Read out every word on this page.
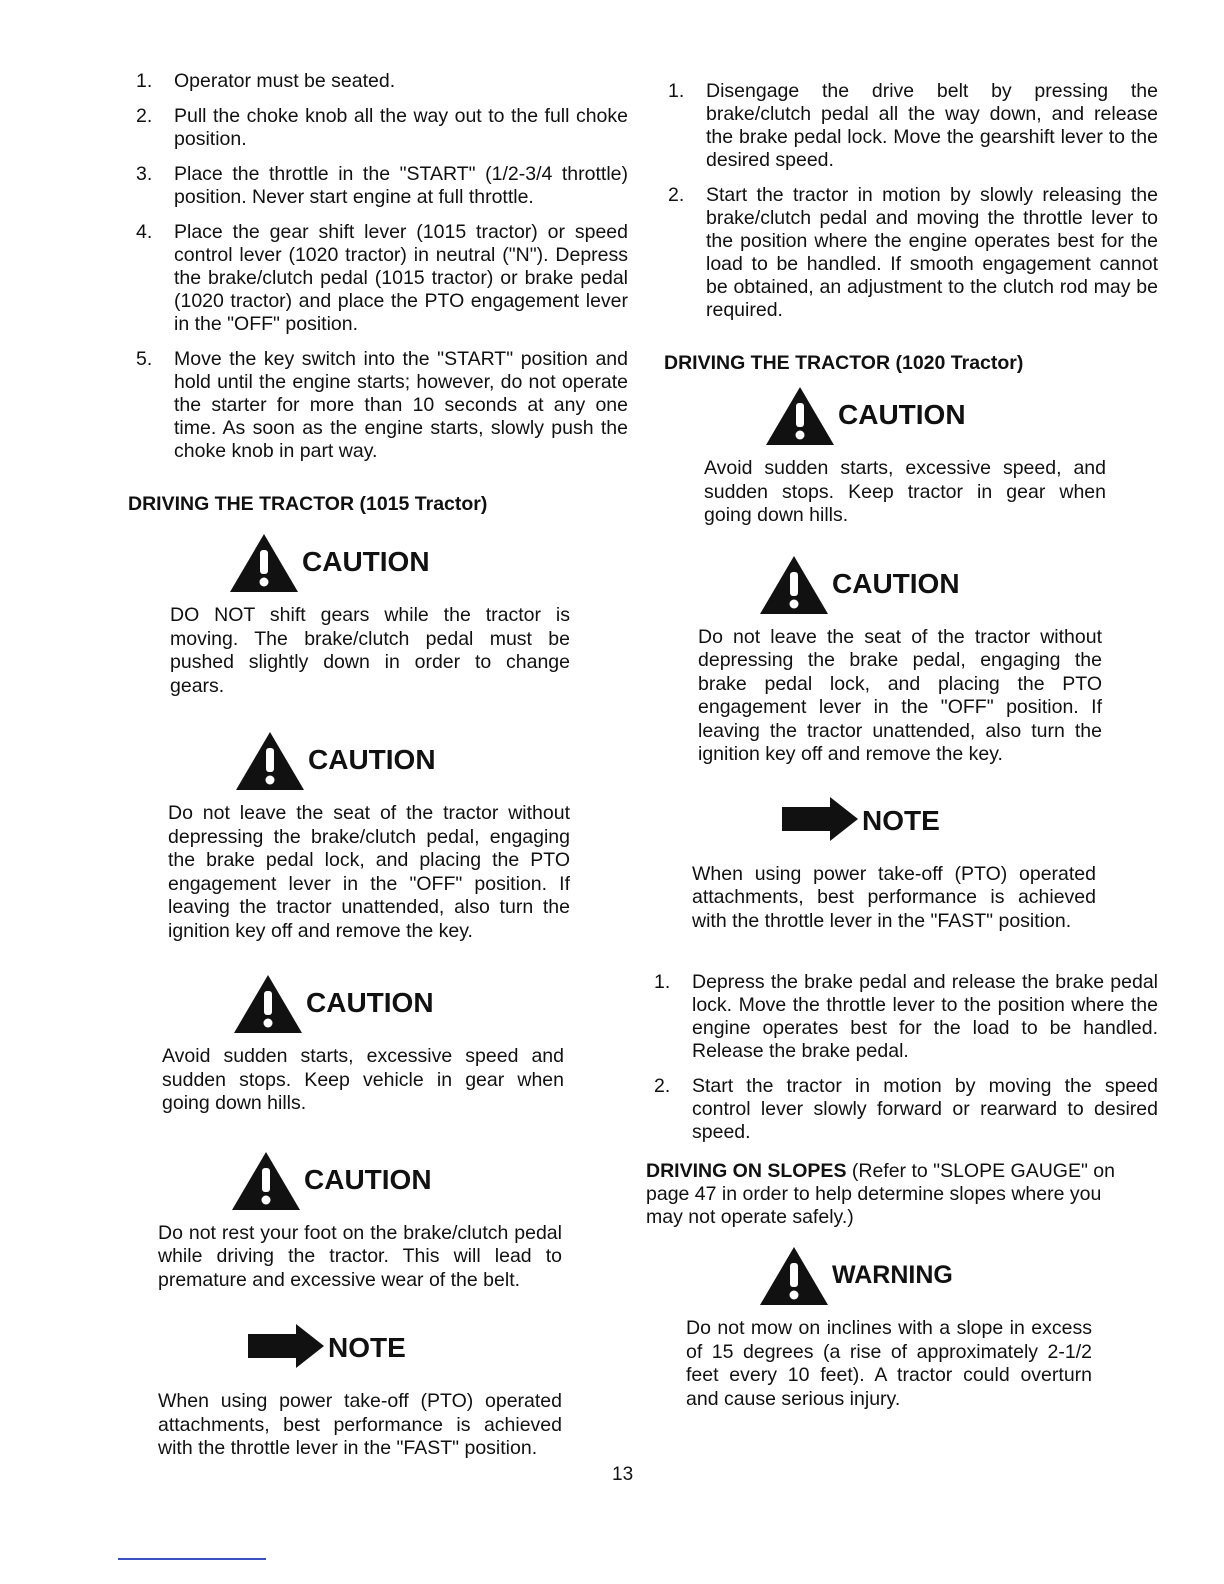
1. Operator must be seated.
2. Pull the choke knob all the way out to the full choke position.
3. Place the throttle in the "START" (1/2-3/4 throttle) position. Never start engine at full throttle.
4. Place the gear shift lever (1015 tractor) or speed control lever (1020 tractor) in neutral ("N"). Depress the brake/clutch pedal (1015 tractor) or brake pedal (1020 tractor) and place the PTO engagement lever in the "OFF" position.
5. Move the key switch into the "START" position and hold until the engine starts; however, do not operate the starter for more than 10 seconds at any one time. As soon as the engine starts, slowly push the choke knob in part way.

DRIVING THE TRACTOR (1015 Tractor)

CAUTION

DO NOT shift gears while the tractor is moving. The brake/clutch pedal must be pushed slightly down in order to change gears.

CAUTION

Do not leave the seat of the tractor without depressing the brake/clutch pedal, engaging the brake pedal lock, and placing the PTO engagement lever in the "OFF" position. If leaving the tractor unattended, also turn the ignition key off and remove the key.

CAUTION

Avoid sudden starts, excessive speed and sudden stops. Keep vehicle in gear when going down hills.

CAUTION

Do not rest your foot on the brake/clutch pedal while driving the tractor. This will lead to premature and excessive wear of the belt.

NOTE

When using power take-off (PTO) operated attachments, best performance is achieved with the throttle lever in the "FAST" position.

1. Disengage the drive belt by pressing the brake/clutch pedal all the way down, and release the brake pedal lock. Move the gearshift lever to the desired speed.
2. Start the tractor in motion by slowly releasing the brake/clutch pedal and moving the throttle lever to the position where the engine operates best for the load to be handled. If smooth engagement cannot be obtained, an adjustment to the clutch rod may be required.

DRIVING THE TRACTOR (1020 Tractor)

CAUTION

Avoid sudden starts, excessive speed, and sudden stops. Keep tractor in gear when going down hills.

CAUTION

Do not leave the seat of the tractor without depressing the brake pedal, engaging the brake pedal lock, and placing the PTO engagement lever in the "OFF" position. If leaving the tractor unattended, also turn the ignition key off and remove the key.

NOTE

When using power take-off (PTO) operated attachments, best performance is achieved with the throttle lever in the "FAST" position.

1. Depress the brake pedal and release the brake pedal lock. Move the throttle lever to the position where the engine operates best for the load to be handled. Release the brake pedal.
2. Start the tractor in motion by moving the speed control lever slowly forward or rearward to desired speed.

DRIVING ON SLOPES (Refer to "SLOPE GAUGE" on page 47 in order to help determine slopes where you may not operate safely.)

WARNING

Do not mow on inclines with a slope in excess of 15 degrees (a rise of approximately 2-1/2 feet every 10 feet). A tractor could overturn and cause serious injury.

13
